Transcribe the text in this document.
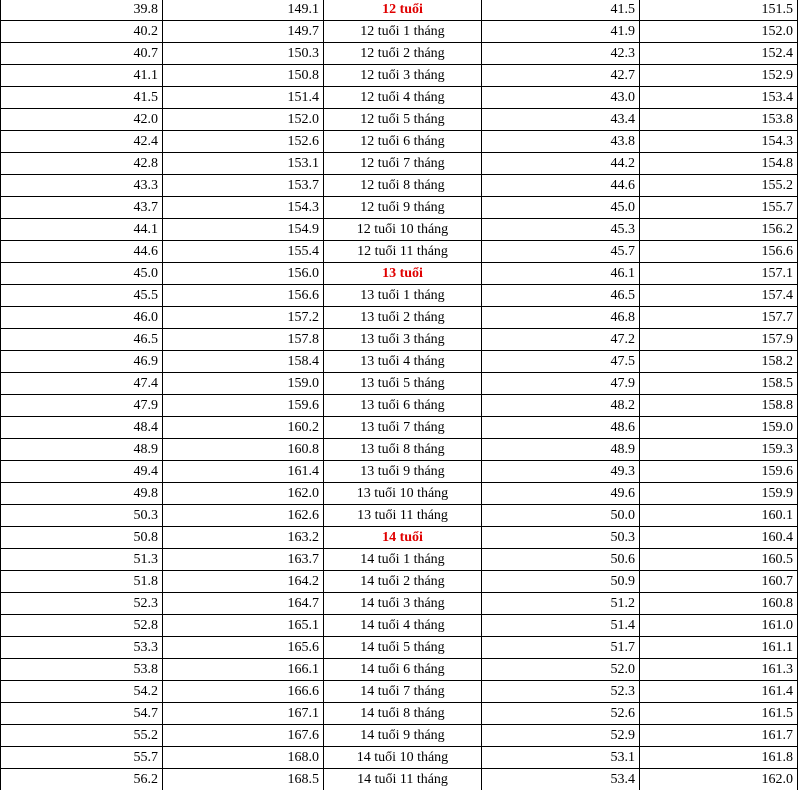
39.8	149.1	12 tuổi	41.5	151.5
40.2	149.7	12 tuổi 1 tháng	41.9	152.0
40.7	150.3	12 tuổi 2 tháng	42.3	152.4
41.1	150.8	12 tuổi 3 tháng	42.7	152.9
41.5	151.4	12 tuổi 4 tháng	43.0	153.4
42.0	152.0	12 tuổi 5 tháng	43.4	153.8
42.4	152.6	12 tuổi 6 tháng	43.8	154.3
42.8	153.1	12 tuổi 7 tháng	44.2	154.8
43.3	153.7	12 tuổi 8 tháng	44.6	155.2
43.7	154.3	12 tuổi 9 tháng	45.0	155.7
44.1	154.9	12 tuổi 10 tháng	45.3	156.2
44.6	155.4	12 tuổi 11 tháng	45.7	156.6
45.0	156.0	13 tuổi	46.1	157.1
45.5	156.6	13 tuổi 1 tháng	46.5	157.4
46.0	157.2	13 tuổi 2 tháng	46.8	157.7
46.5	157.8	13 tuổi 3 tháng	47.2	157.9
46.9	158.4	13 tuổi 4 tháng	47.5	158.2
47.4	159.0	13 tuổi 5 tháng	47.9	158.5
47.9	159.6	13 tuổi 6 tháng	48.2	158.8
48.4	160.2	13 tuổi 7 tháng	48.6	159.0
48.9	160.8	13 tuổi 8 tháng	48.9	159.3
49.4	161.4	13 tuổi 9 tháng	49.3	159.6
49.8	162.0	13 tuổi 10 tháng	49.6	159.9
50.3	162.6	13 tuổi 11 tháng	50.0	160.1
50.8	163.2	14 tuổi	50.3	160.4
51.3	163.7	14 tuổi 1 tháng	50.6	160.5
51.8	164.2	14 tuổi 2 tháng	50.9	160.7
52.3	164.7	14 tuổi 3 tháng	51.2	160.8
52.8	165.1	14 tuổi 4 tháng	51.4	161.0
53.3	165.6	14 tuổi 5 tháng	51.7	161.1
53.8	166.1	14 tuổi 6 tháng	52.0	161.3
54.2	166.6	14 tuổi 7 tháng	52.3	161.4
54.7	167.1	14 tuổi 8 tháng	52.6	161.5
55.2	167.6	14 tuổi 9 tháng	52.9	161.7
55.7	168.0	14 tuổi 10 tháng	53.1	161.8
56.2	168.5	14 tuổi 11 tháng	53.4	162.0
